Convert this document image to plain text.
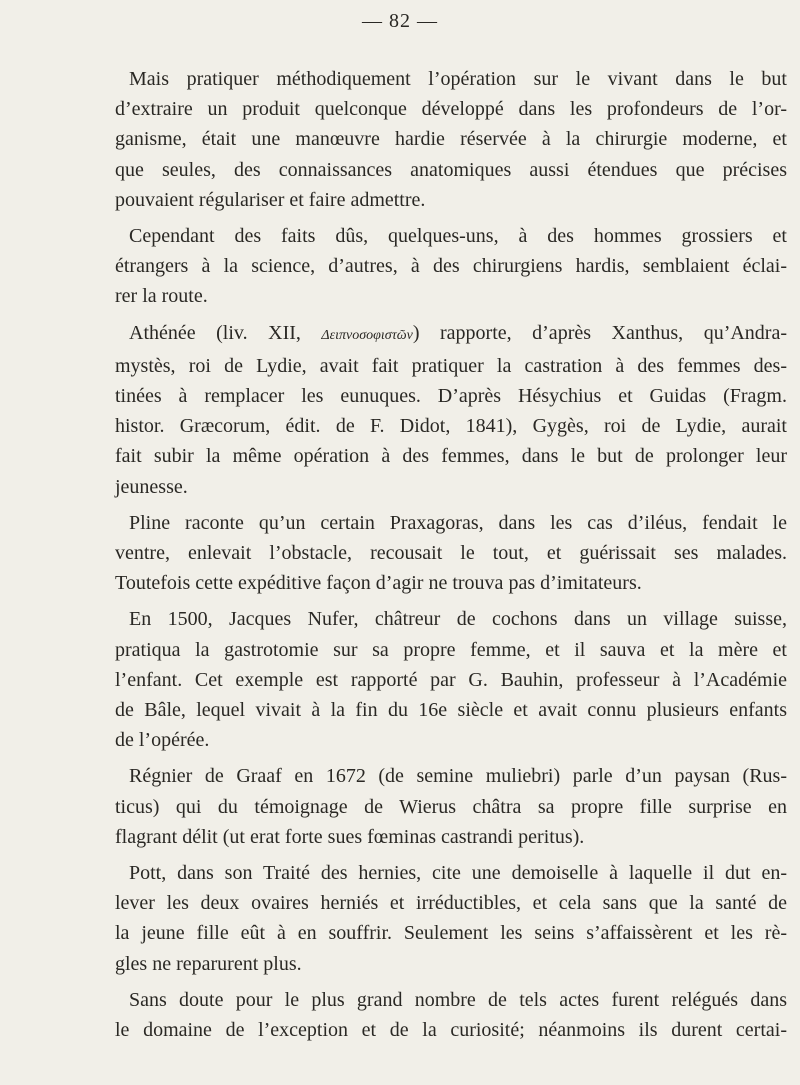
— 82 —

Mais pratiquer méthodiquement l’opération sur le vivant dans le but
d’extraire un produit quelconque développé dans les profondeurs de l’or-
ganisme, était une manœuvre hardie réservée à la chirurgie moderne, et
que seules, des connaissances anatomiques aussi étendues que précises
pouvaient régulariser et faire admettre.

Cependant des faits dûs, quelques-uns, à des hommes grossiers et
étrangers à la science, d’autres, à des chirurgiens hardis, semblaient éclai-
rer la route.

Athénée (liv. XII, Δειπνοσοφιστῶν) rapporte, d’après Xanthus, qu’Andra-
mystès, roi de Lydie, avait fait pratiquer la castration à des femmes des-
tinées à remplacer les eunuques. D’après Hésychius et Guidas (Fragm.
histor. Græcorum, édit. de F. Didot, 1841), Gygès, roi de Lydie, aurait
fait subir la même opération à des femmes, dans le but de prolonger leur
jeunesse.

Pline raconte qu’un certain Praxagoras, dans les cas d’iléus, fendait le
ventre, enlevait l’obstacle, recousait le tout, et guérissait ses malades.
Toutefois cette expéditive façon d’agir ne trouva pas d’imitateurs.

En 1500, Jacques Nufer, châtreur de cochons dans un village suisse,
pratiqua la gastrotomie sur sa propre femme, et il sauva et la mère et
l’enfant. Cet exemple est rapporté par G. Bauhin, professeur à l’Académie
de Bâle, lequel vivait à la fin du 16e siècle et avait connu plusieurs enfants
de l’opérée.

Régnier de Graaf en 1672 (de semine muliebri) parle d’un paysan (Rus-
ticus) qui du témoignage de Wierus châtra sa propre fille surprise en
flagrant délit (ut erat forte sues fœminas castrandi peritus).

Pott, dans son Traité des hernies, cite une demoiselle à laquelle il dut en-
lever les deux ovaires herniés et irréductibles, et cela sans que la santé de
la jeune fille eût à en souffrir. Seulement les seins s’affaissèrent et les rè-
gles ne reparurent plus.

Sans doute pour le plus grand nombre de tels actes furent relégués dans
le domaine de l’exception et de la curiosité; néanmoins ils durent certai-
